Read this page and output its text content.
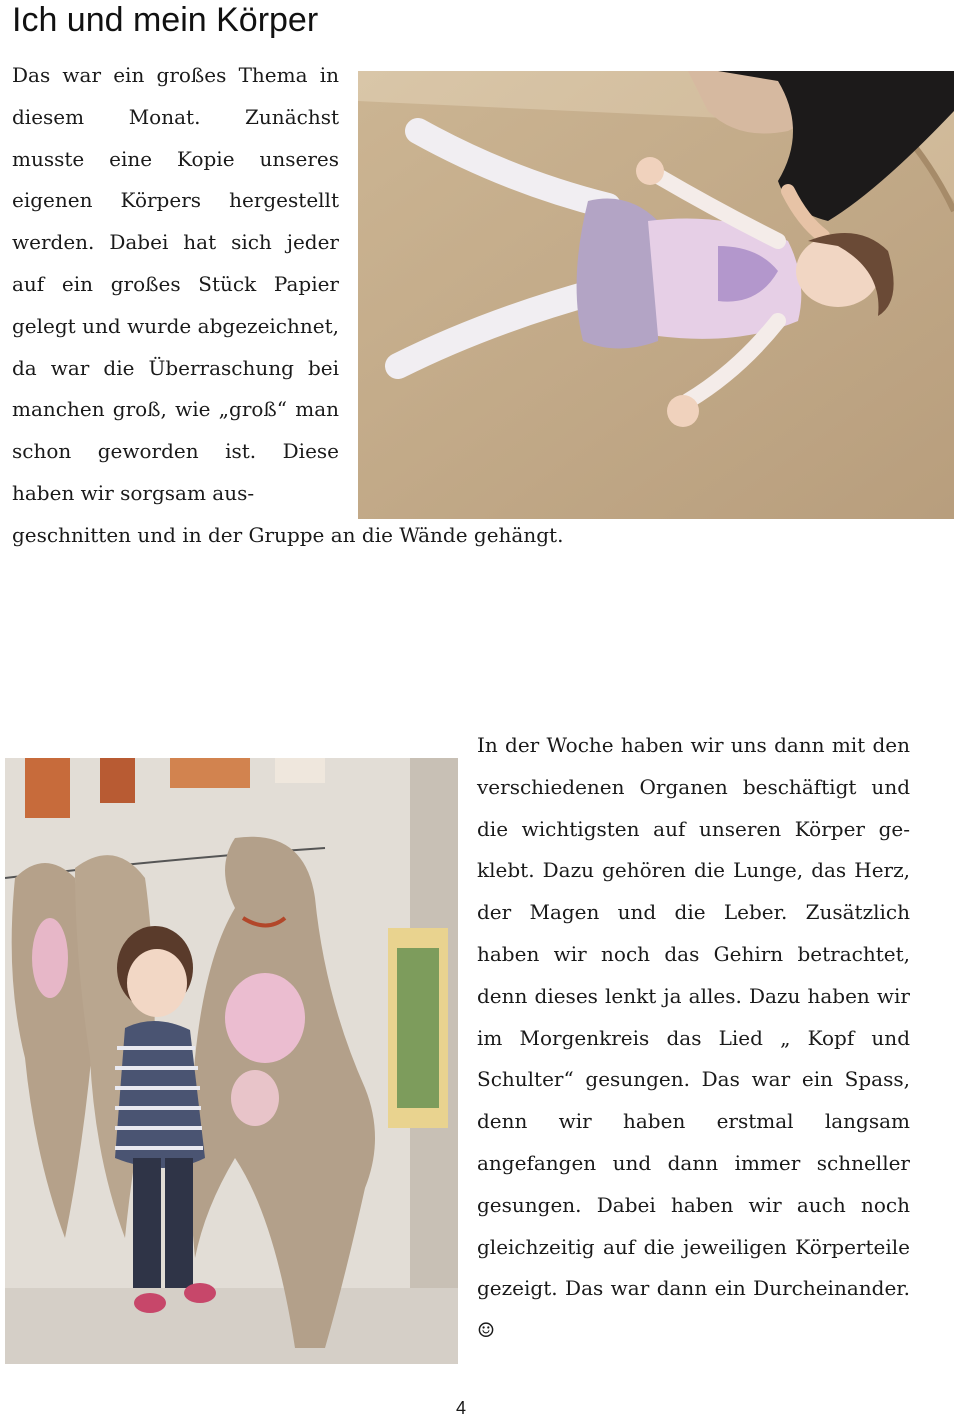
Ich und mein Körper
Das war ein großes Thema in diesem Monat. Zunächst musste eine Kopie unseres eigenen Körpers hergestellt werden. Dabei hat sich jeder auf ein großes Stück Papier gelegt und wurde abgezeichnet, da war die Überraschung bei manchen groß, wie „groß“ man schon geworden ist. Diese haben wir sorgsam aus-
geschnitten und in der Gruppe an die Wände gehängt.

In der Woche haben wir uns dann mit den verschiedenen Organen beschäftigt und die wichtigsten auf unseren Körper ge-klebt. Dazu gehören die Lunge, das Herz, der Magen und die Leber. Zusätzlich haben wir noch das Gehirn betrachtet, denn dieses lenkt ja alles. Dazu haben wir im Morgenkreis das Lied „ Kopf und Schulter“ gesungen. Das war ein Spass, denn wir haben erstmal langsam angefangen und dann immer schneller gesungen. Dabei haben wir auch noch gleichzeitig auf die jeweiligen Körperteile gezeigt. Das war dann ein Durcheinander. ☺

4
